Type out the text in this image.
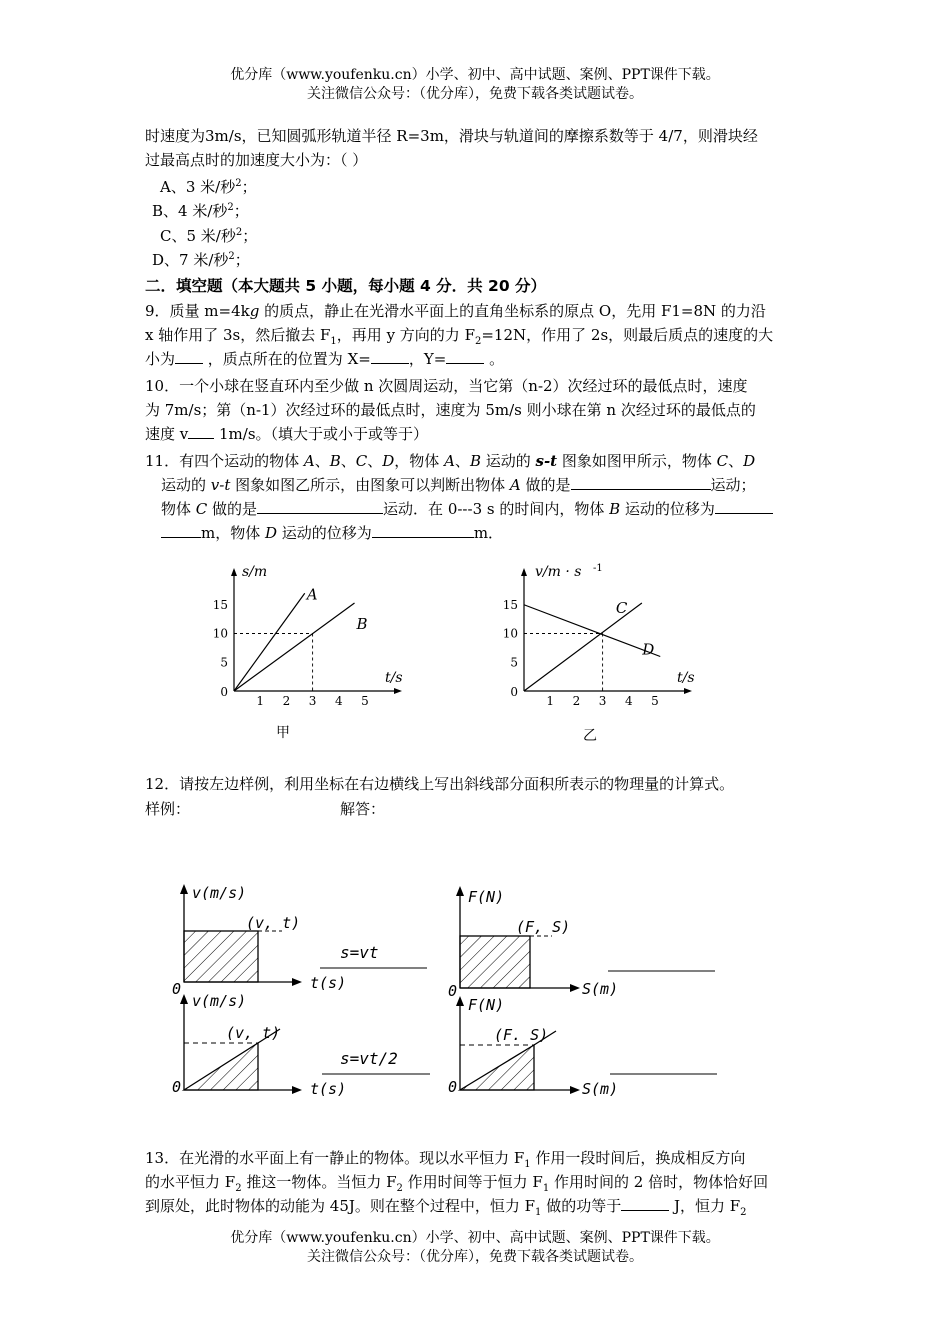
优分库（www.youfenku.cn）小学、初中、高中试题、案例、PPT课件下载。
关注微信公众号：（优分库），免费下载各类试题试卷。
时速度为3m/s，已知圆弧形轨道半径 R=3m，滑块与轨道间的摩擦系数等于 4/7，则滑块经
过最高点时的加速度大小为：（ ）
A、3 米/秒$^2$；
B、4 米/秒$^2$；
C、5 米/秒$^2$；
D、7 米/秒$^2$；
二．填空题（本大题共 5 小题，每小题 4 分．共 20 分）
9．质量 m=4kg 的质点，静止在光滑水平面上的直角坐标系的原点 O，先用 F1=8N 的力沿
x 轴作用了 3s，然后撤去 $F_1$，再用 y 方向的力 $F_2=12N$，作用了 2s，则最后质点的速度的大
小为 ，质点所在的位置为 X=	，Y=	。
10．一个小球在竖直环内至少做 n 次圆周运动，当它第（n-2）次经过环的最低点时，速度
为 7m/s；第（n-1）次经过环的最低点时，速度为 5m/s 则小球在第 n 次经过环的最低点的
速度 v 1m/s。（填大于或小于或等于）
11．有四个运动的物体 A、B、C、D，物体 A、B 运动的 s-t 图象如图甲所示，物体 C、D
运动的 v-t 图象如图乙所示，由图象可以判断出物体 A 做的是	运动；
物体 C 做的是	运动．在 0---3 s 的时间内，物体 B 运动的位移为
m，物体 D 运动的位移为	m．
s/m
t/s
1 2 3 4 5
0
5
10
15
A
B
甲
v/m · s -1
t/s
1 2 3 4 5
0
5
10
15	C
D
乙
12．请按左边样例，利用坐标在右边横线上写出斜线部分面积所表示的物理量的计算式。
样例：	解答：
v(m/s)
(v, t)
0	t(s)
s=vt
F(N)
(F, S)
0	S(m)
v(m/s)
(v, t)
0	t(s)
s=vt/2
F(N)
(F. S)
0	S(m)
13．在光滑的水平面上有一静止的物体。现以水平恒力 $F_1$ 作用一段时间后，换成相反方向
的水平恒力 $F_2$ 推这一物体。当恒力 $F_2$ 作用时间等于恒力 $F_1$ 作用时间的 2 倍时，物体恰好回
到原处，此时物体的动能为 45J。则在整个过程中，恒力 $F_1$ 做的功等于	J，恒力 $F_2$
优分库（www.youfenku.cn）小学、初中、高中试题、案例、PPT课件下载。
关注微信公众号：（优分库），免费下载各类试题试卷。
